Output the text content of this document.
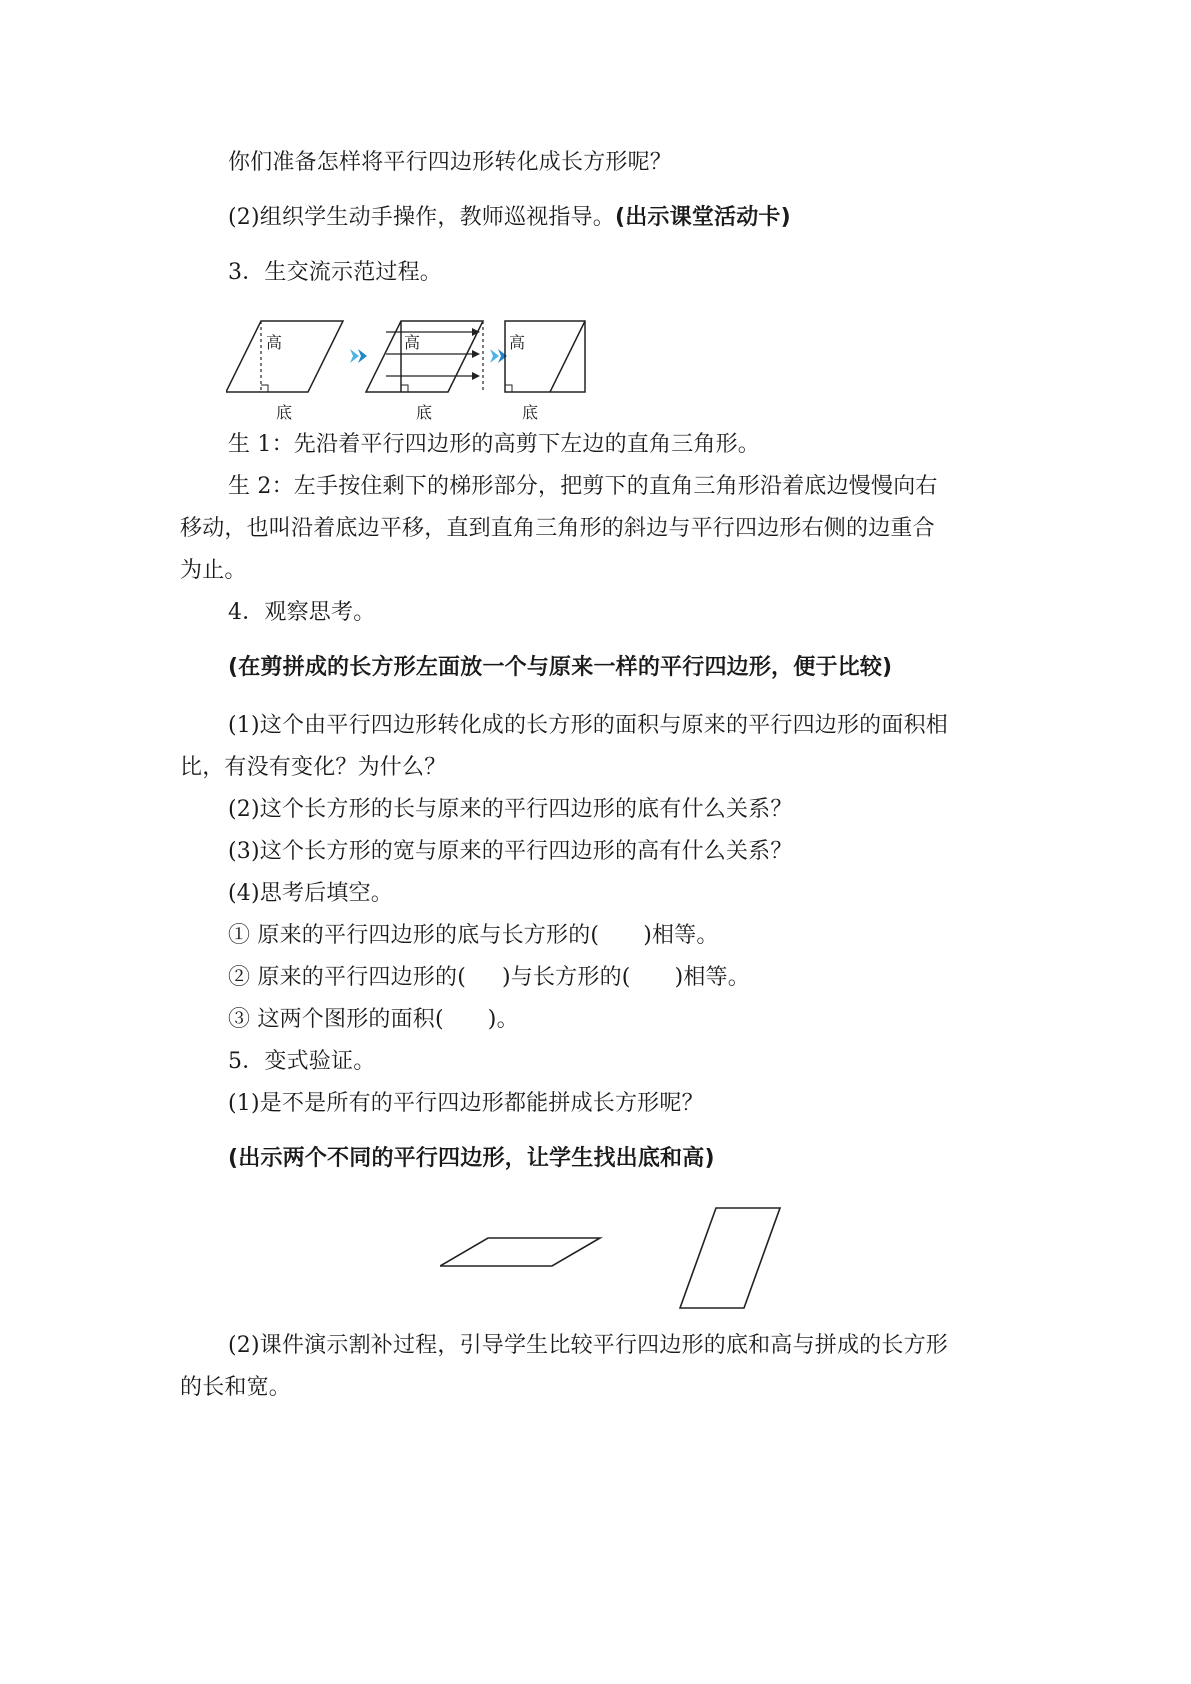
你们准备怎样将平行四边形转化成长方形呢？
(2)组织学生动手操作，教师巡视指导。(出示课堂活动卡)
3．生交流示范过程。
高
底
高
底
高
底
生 1：先沿着平行四边形的高剪下左边的直角三角形。
生 2：左手按住剩下的梯形部分，把剪下的直角三角形沿着底边慢慢向右
移动，也叫沿着底边平移，直到直角三角形的斜边与平行四边形右侧的边重合
为止。
4．观察思考。
(在剪拼成的长方形左面放一个与原来一样的平行四边形，便于比较)
(1)这个由平行四边形转化成的长方形的面积与原来的平行四边形的面积相
比，有没有变化？为什么？
(2)这个长方形的长与原来的平行四边形的底有什么关系？
(3)这个长方形的宽与原来的平行四边形的高有什么关系？
(4)思考后填空。
① 原来的平行四边形的底与长方形的( )相等。
② 原来的平行四边形的( )与长方形的( )相等。
③ 这两个图形的面积( )。
5．变式验证。
(1)是不是所有的平行四边形都能拼成长方形呢？
(出示两个不同的平行四边形，让学生找出底和高)
(2)课件演示割补过程，引导学生比较平行四边形的底和高与拼成的长方形
的长和宽。
